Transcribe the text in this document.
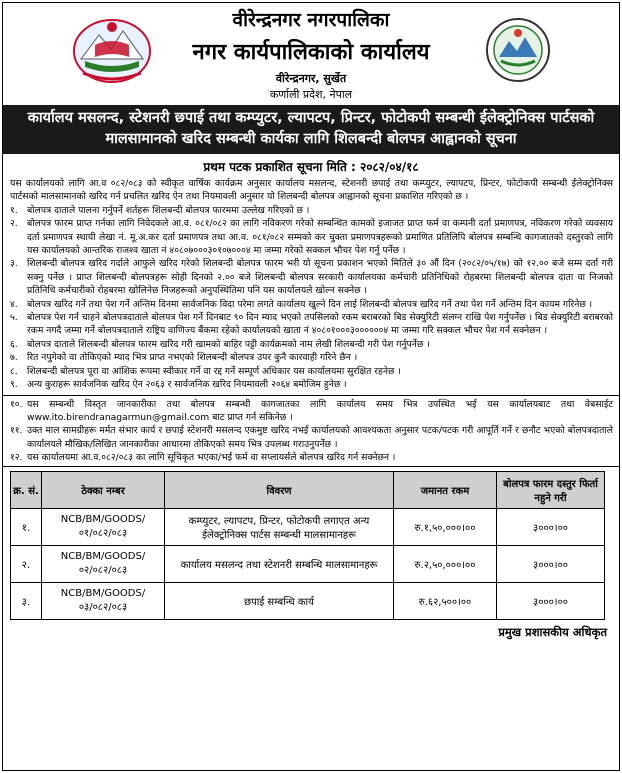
वीरेन्द्रनगर नगरपालिका
नगर कार्यपालिकाको कार्यालय
वीरेन्द्रनगर, सुर्खेत
कर्णाली प्रदेश, नेपाल
कार्यालय मसलन्द, स्टेशनरी छपाई तथा कम्प्युटर, ल्यापटप, प्रिन्टर, फोटोकपी सम्बन्धी ईलेक्ट्रोनिक्स पार्टसको मालसामानको खरिद सम्बन्धी कार्यका लागि शिलबन्दी बोलपत्र आह्वानको सूचना
प्रथम पटक प्रकाशित सूचना मिति : २०८२/०४/१८
यस कार्यालयको लागि आ.व ०८२/०८३ को स्वीकृत वार्षिक कार्यक्रम अनुसार कार्यालय मसलन्द, स्टेशनरी छपाई तथा कम्प्युटर, ल्यापटप, प्रिन्टर, फोटोकपी सम्बन्धी ईलेक्ट्रोनिक्स पार्टसको मालसामानको खरिद गर्न प्रचलित खरिद ऐन तथा नियमावली अनुसार यो शिलबन्दी बोलपत्र आह्वानको सूचना प्रकाशित गरिएको छ ।
१. बोलपत्र दाताले पालना गर्नुपर्ने शर्तहरू शिलबन्दी बोलपत्र फारममा उल्लेख गरिएको छ ।
२. बोलपत्र फारम प्राप्त गर्नका लागि निवेदकले आ.व. ०८१/०८२ का लागि नविकरण गरेको सम्बन्धित कामको इजाजत प्राप्त फर्म वा कम्पनी दर्ता प्रमाणपत्र, नविकरण गरेको व्यवसाय दर्ता प्रमाणपत्र स्थायी लेखा नं. मू.अ.कर दर्ता प्रमाणपत्र तथा आ.व. ०८१/०८२ सम्मको कर चुक्ता प्रमाणपत्रहरूको प्रमाणित प्रतिलिपि बोलपत्र सम्बन्धि कागजातको दस्तुरको लागि यस कार्यालयको आन्तरिक राजश्व खाता नं ४०८०७०००३०१०७०००४ मा जम्मा गरेको सक्कल भौचर पेश गर्नु पर्नेछ ।
३. शिलबन्दी बोलपत्र खरिद गर्दाले आफुले खरिद गरेको शिलबन्दी बोलपत्र फारम भरी यो सूचना प्रकाशन भएको मितिले ३० औं दिन (२०८२/०५/१७) को १२.०० बजे सम्म दर्ता गरी सक्नु पर्नेछ । प्राप्त शिलबन्दी बोलपत्रहरू सोही दिनको २.०० बजे शिलबन्दी बोलपत्र सरकारी कार्यालयका कर्मचारी प्रतिनिधिको रोहबरमा शिलबन्दी बोलपत्र दाता वा निजको प्रतिनिधि कर्मचारीको रोहबरमा खोलिनेछ निजहरूको अनुपस्थितिमा पनि यस कार्यालयले खोल्न सक्नेछ ।
४. बोलपत्र खरिद गर्ने तथा पेश गर्ने अन्तिम दिनमा सार्वजनिक विदा परेमा लगते कार्यालय खुल्ने दिन लाई शिलबन्दी बोलपत्र खरिद गर्ने तथा पेश गर्ने अन्तिम दिन कायम गरिनेछ ।
५. बोलपत्र पेश गर्न चाहने बोलपत्रदाताले बोलपत्र पेश गर्ने दिनबाट ९० दिन म्याद भएको तपसिलको रकम बराबरको बिड सेक्युरिटी संलग्न राखि पेश गर्नुपर्नेछ । बिड सेक्युरिटी बराबरको रकम नगदै जम्मा गर्ने बोलपत्रदाताले राष्ट्रिय वाणिज्य बैंकमा रहेको कार्यालयको खाता नं ४०८०१०००३००००००४ मा जम्मा गरि सक्कल भौचर पेश गर्न सक्नेछन ।
६. बोलपत्र दाताले शिलबन्दी बोलपत्र फारम खरिद गरी खामको बाहिर पट्टी कार्यक्रमको नाम लेखी शिलबन्दी गरी पेश गर्नुपर्नेछ ।
७. रित नपुगेको वा तोकिएको म्याद भित्र प्राप्त नभएको शिलबन्दी बोलपत्र उपर कुनै कारवाही गरिने छैन ।
८. शिलबन्दी बोलपत्र पूरा वा आंशिक रूपमा स्वीकार गर्ने वा रद्द गर्ने सम्पूर्ण अधिकार यस कार्यालयमा सुरक्षित रहनेछ ।
९. अन्य कुराहरू सार्वजनिक खरिद ऐन २०६३ र सार्वजनिक खरिद नियमावली २०६४ बमोजिम हुनेछ ।
१०. यस सम्बन्धी विस्तृत जानकारीका तथा बोलपत्र सम्बन्धी कागजातका लागि कार्यालय समय भित्र उपस्थित भई यस कार्यालयबाट तथा वेबसाईट www.ito.birendranagarmun@gmail.com बाट प्राप्त गर्न सकिनेछ ।
११. उक्त माल सामग्रीहरू मर्मत संभार कार्य र छपाई स्टेशनरी मसलन्द एकमुष्ट खरिद नभई कार्यालयको आवश्यकता अनुसार पटक/पटक गरी आपूर्ति गर्ने र छनौट भएको बोलपत्रदाताले कार्यालयले मौखिक/लिखित जानकारीका आधारमा तोकिएको समय भित्र उपलब्ध गराउनुपर्नेछ ।
१२. यस कार्यालयमा आ.व.०८२/०८३ का लागि सूचिकृत भएका/भई फर्म वा सप्लायर्सले बोलपत्र खरिद गर्न सक्नेछन ।
क्र. सं.	ठेक्का नम्बर	विवरण	जमानत रकम	बोलपत्र फारम दस्तुर फिर्ता नहुने गरी
१.	NCB/BM/GOODS/ ०१/०८२/०८३	कम्प्युटर, ल्यापटप, प्रिन्टर, फोटोकपी लगाएत अन्य ईलेक्ट्रोनिक्स पार्टस सम्बन्धी मालसामानहरू	रु.१,५०,०००।००	३०००।००
२.	NCB/BM/GOODS/ ०२/०८२/०८३	कार्यालय मसलन्द तथा स्टेशनरी सम्बन्धि मालसामानहरू	रु.२,५०,०००।००	३०००।००
३.	NCB/BM/GOODS/ ०३/०८२/०८३	छपाई सम्बन्धि कार्य	रु.६२,५००।००	३०००।००
प्रमुख प्रशासकीय अधिकृत
